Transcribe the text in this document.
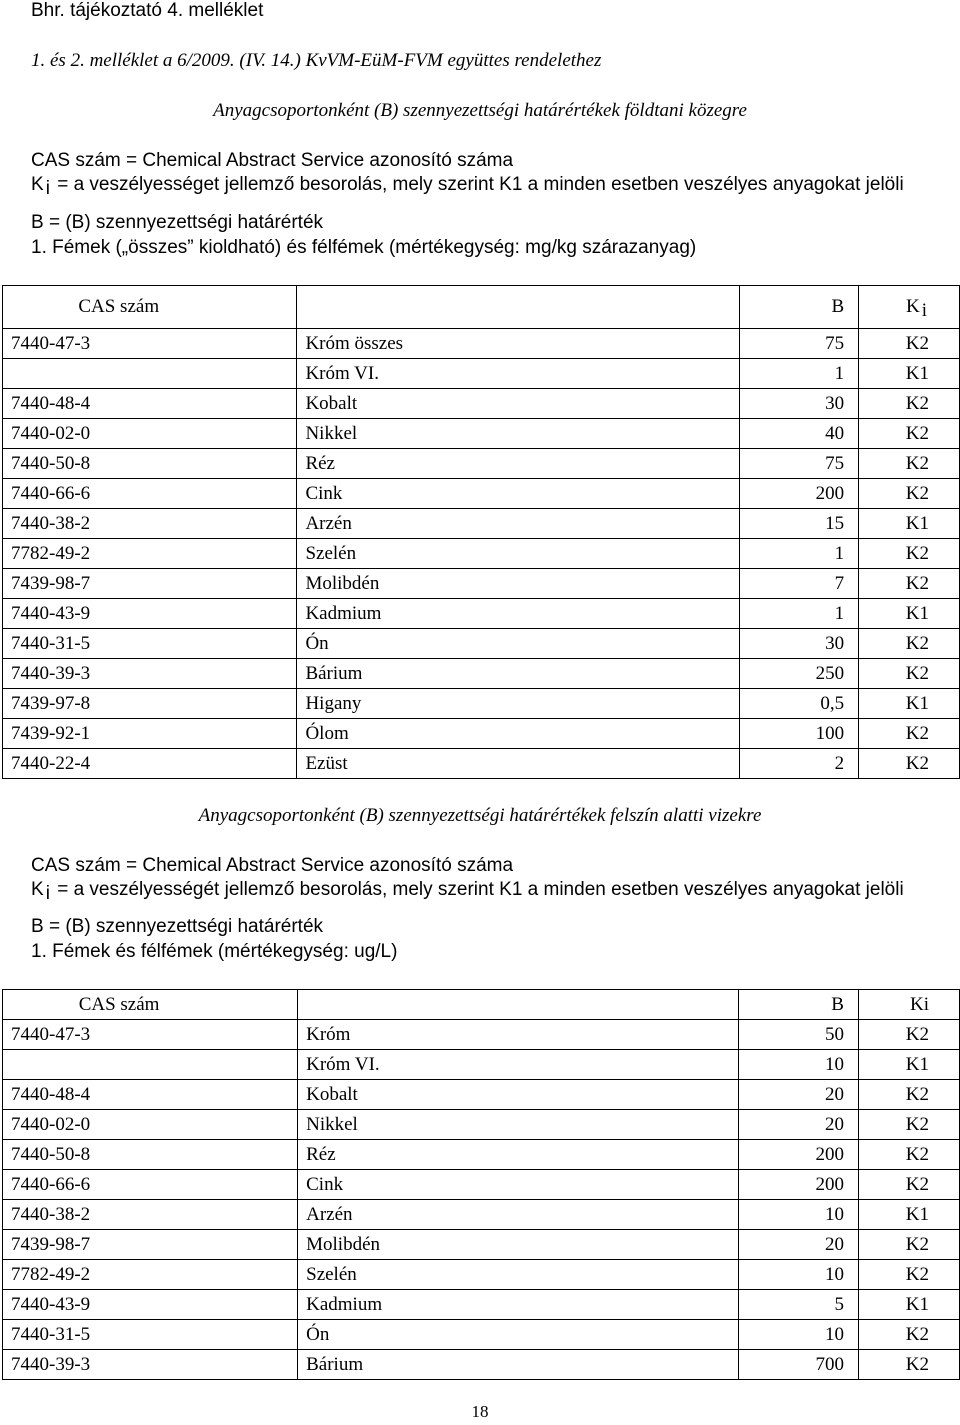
Bhr. tájékoztató 4. melléklet
1. és 2. melléklet a 6/2009. (IV. 14.) KvVM-EüM-FVM együttes rendelethez
Anyagcsoportonként (B) szennyezettségi határértékek földtani közegre
CAS szám = Chemical Abstract Service azonosító száma
K $_i$ = a veszélyességet jellemző besorolás, mely szerint K1 a minden esetben veszélyes anyagokat jelöli
B = (B) szennyezettségi határérték
1. Fémek („összes” kioldható) és félfémek (mértékegység: mg/kg szárazanyag)
CAS szám		B	K $_i$
7440-47-3	Króm összes	75	K2
	Króm VI.	1	K1
7440-48-4	Kobalt	30	K2
7440-02-0	Nikkel	40	K2
7440-50-8	Réz	75	K2
7440-66-6	Cink	200	K2
7440-38-2	Arzén	15	K1
7782-49-2	Szelén	1	K2
7439-98-7	Molibdén	7	K2
7440-43-9	Kadmium	1	K1
7440-31-5	Ón	30	K2
7440-39-3	Bárium	250	K2
7439-97-8	Higany	0,5	K1
7439-92-1	Ólom	100	K2
7440-22-4	Ezüst	2	K2
Anyagcsoportonként (B) szennyezettségi határértékek felszín alatti vizekre
CAS szám = Chemical Abstract Service azonosító száma
K $_i$ = a veszélyességét jellemző besorolás, mely szerint K1 a minden esetben veszélyes anyagokat jelöli
B = (B) szennyezettségi határérték
1. Fémek és félfémek (mértékegység: ug/L)
CAS szám		B	Ki
7440-47-3	Króm	50	K2
	Króm VI.	10	K1
7440-48-4	Kobalt	20	K2
7440-02-0	Nikkel	20	K2
7440-50-8	Réz	200	K2
7440-66-6	Cink	200	K2
7440-38-2	Arzén	10	K1
7439-98-7	Molibdén	20	K2
7782-49-2	Szelén	10	K2
7440-43-9	Kadmium	5	K1
7440-31-5	Ón	10	K2
7440-39-3	Bárium	700	K2
18
